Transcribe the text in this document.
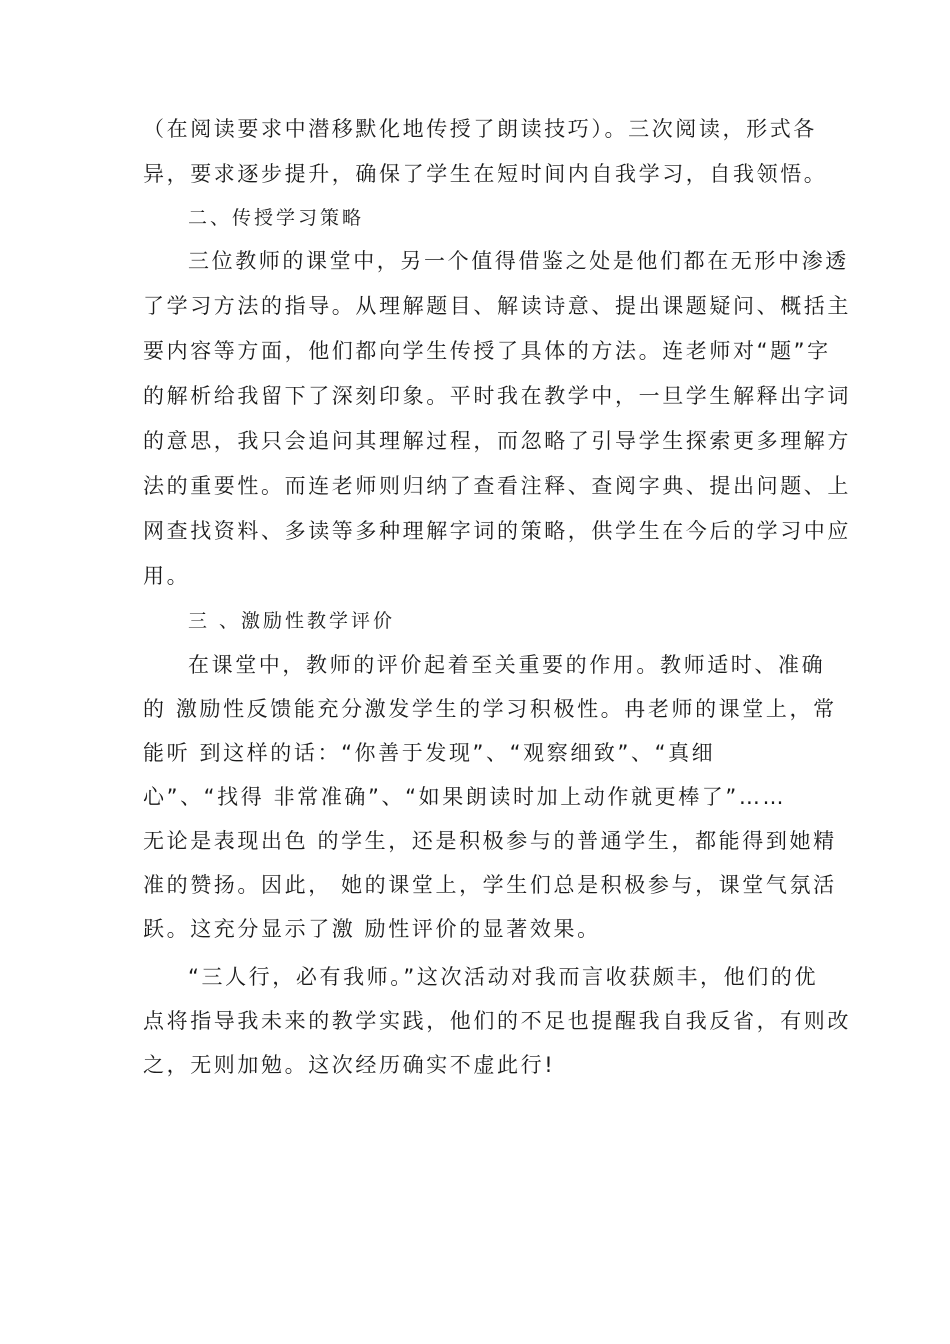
（在阅读要求中潜移默化地传授了朗读技巧）。三次阅读，形式各
异，要求逐步提升，确保了学生在短时间内自我学习，自我领悟。
二、传授学习策略
三位教师的课堂中，另一个值得借鉴之处是他们都在无形中渗透
了学习方法的指导。从理解题目、解读诗意、提出课题疑问、概括主
要内容等方面，他们都向学生传授了具体的方法。连老师对“题”字
的解析给我留下了深刻印象。平时我在教学中，一旦学生解释出字词
的意思，我只会追问其理解过程，而忽略了引导学生探索更多理解方
法的重要性。而连老师则归纳了查看注释、查阅字典、提出问题、上
网查找资料、多读等多种理解字词的策略，供学生在今后的学习中应
用。
三 、激励性教学评价
在课堂中，教师的评价起着至关重要的作用。教师适时、准确
的 激励性反馈能充分激发学生的学习积极性。冉老师的课堂上，常
能听 到这样的话：“你善于发现”、“观察细致”、“真细
心”、“找得 非常准确”、“如果朗读时加上动作就更棒了”……
无论是表现出色 的学生，还是积极参与的普通学生，都能得到她精
准的赞扬。因此， 她的课堂上，学生们总是积极参与，课堂气氛活
跃。这充分显示了激 励性评价的显著效果。
“三人行，必有我师。”这次活动对我而言收获颇丰，他们的优
点将指导我未来的教学实践，他们的不足也提醒我自我反省，有则改
之，无则加勉。这次经历确实不虚此行!
